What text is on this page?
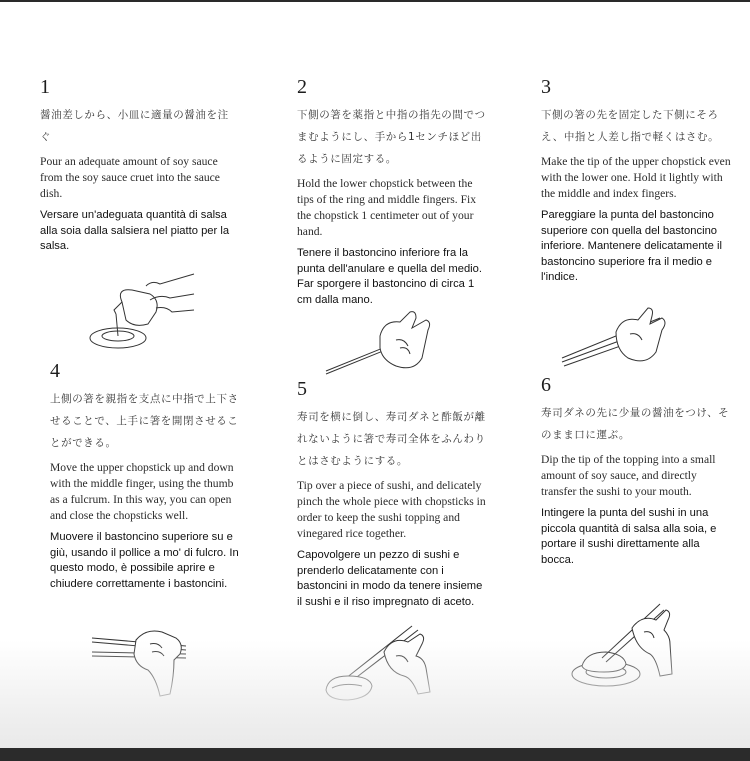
1
醤油差しから、小皿に適量の醤油を注ぐ
Pour an adequate amount of soy sauce from the soy sauce cruet into the sauce dish.
Versare un'adeguata quantità di salsa alla soia dalla salsiera nel piatto per la salsa.
2
下側の箸を薬指と中指の指先の間でつまむようにし、手から1センチほど出るように固定する。
Hold the lower chopstick between the tips of the ring and middle fingers. Fix the chopstick 1 centimeter out of your hand.
Tenere il bastoncino inferiore fra la punta dell'anulare e quella del medio. Far sporgere il bastoncino di circa 1 cm dalla mano.
3
下側の箸の先を固定した下側にそろえ、中指と人差し指で軽くはさむ。
Make the tip of the upper chopstick even with the lower one. Hold it lightly with the middle and index fingers.
Pareggiare la punta del bastoncino superiore con quella del bastoncino inferiore. Mantenere delicatamente il bastoncino superiore fra il medio e l'indice.
4
上側の箸を親指を支点に中指で上下させることで、上手に箸を開閉させることができる。
Move the upper chopstick up and down with the middle finger, using the thumb as a fulcrum. In this way, you can open and close the chopsticks well.
Muovere il bastoncino superiore su e giù, usando il pollice a mo' di fulcro. In questo modo, è possibile aprire e chiudere correttamente i bastoncini.
5
寿司を横に倒し、寿司ダネと酢飯が離れないように箸で寿司全体をふんわりとはさむようにする。
Tip over a piece of sushi, and delicately pinch the whole piece with chopsticks in order to keep the sushi topping and vinegared rice together.
Capovolgere un pezzo di sushi e prenderlo delicatamente con i bastoncini in modo da tenere insieme il sushi e il riso impregnato di aceto.
6
寿司ダネの先に少量の醤油をつけ、そのまま口に運ぶ。
Dip the tip of the topping into a small amount of soy sauce, and directly transfer the sushi to your mouth.
Intingere la punta del sushi in una piccola quantità di salsa alla soia, e portare il sushi direttamente alla bocca.
